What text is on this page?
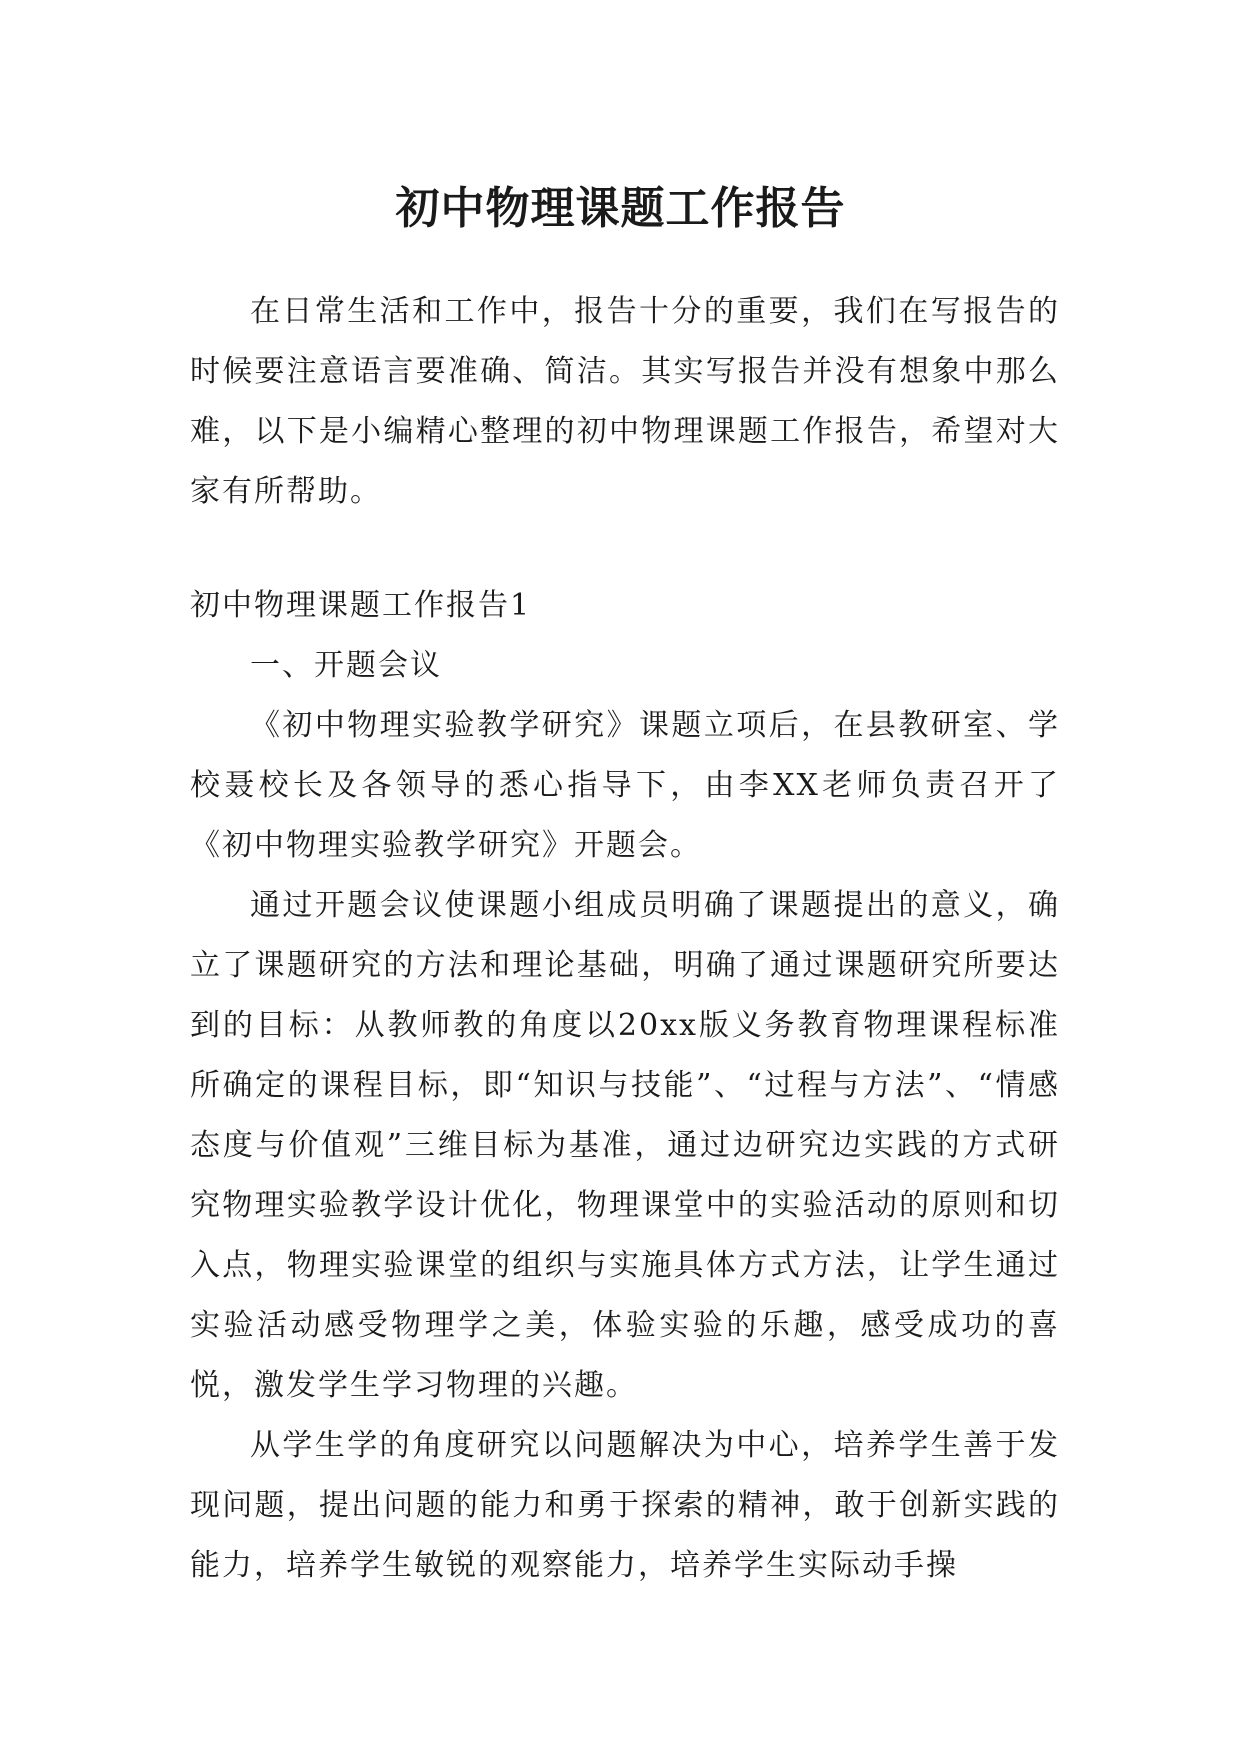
初中物理课题工作报告

在日常生活和工作中，报告十分的重要，我们在写报告的时候要注意语言要准确、简洁。其实写报告并没有想象中那么难，以下是小编精心整理的初中物理课题工作报告，希望对大家有所帮助。

初中物理课题工作报告1

一、开题会议

《初中物理实验教学研究》课题立项后，在县教研室、学校聂校长及各领导的悉心指导下，由李XX老师负责召开了《初中物理实验教学研究》开题会。

通过开题会议使课题小组成员明确了课题提出的意义，确立了课题研究的方法和理论基础，明确了通过课题研究所要达到的目标：从教师教的角度以20xx版义务教育物理课程标准所确定的课程目标，即“知识与技能”、“过程与方法”、“情感态度与价值观”三维目标为基准，通过边研究边实践的方式研究物理实验教学设计优化，物理课堂中的实验活动的原则和切入点，物理实验课堂的组织与实施具体方式方法，让学生通过实验活动感受物理学之美，体验实验的乐趣，感受成功的喜悦，激发学生学习物理的兴趣。

从学生学的角度研究以问题解决为中心，培养学生善于发现问题，提出问题的能力和勇于探索的精神，敢于创新实践的能力，培养学生敏锐的观察能力，培养学生实际动手操
